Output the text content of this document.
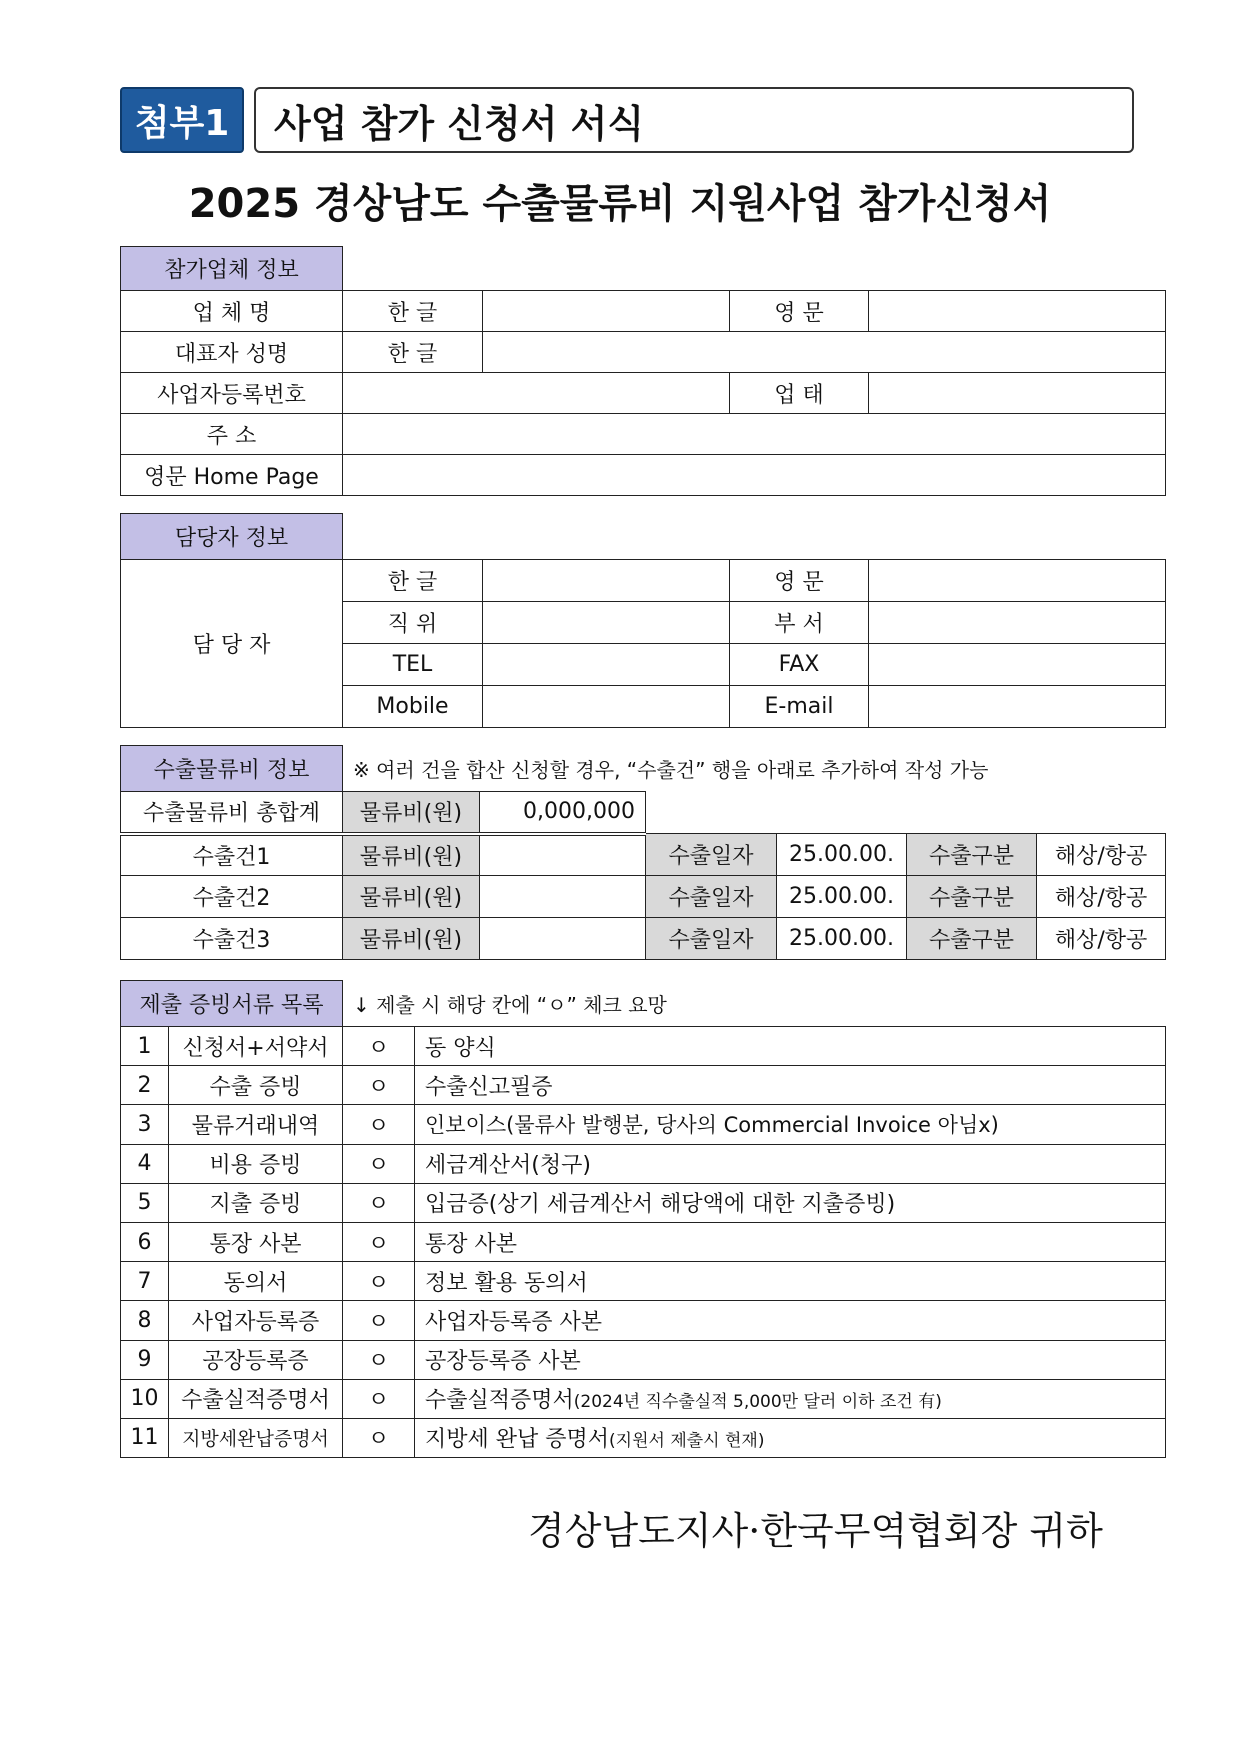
첨부1	사업 참가 신청서 서식
2025 경상남도 수출물류비 지원사업 참가신청서
참가업체 정보				
업 체 명	한 글		영 문	
대표자 성명	한 글			
사업자등록번호			업 태	
주 소				
영문 Home Page				
담당자 정보				
담 당 자	한 글		영 문	
	직 위		부 서	
	TEL		FAX	
	Mobile		E-mail	
수출물류비 정보	※ 여러 건을 합산 신청할 경우, “수출건” 행을 아래로 추가하여 작성 가능					
수출물류비 총합계	물류비(원)	0,000,000				
수출건1	물류비(원)		수출일자	25.00.00.	수출구분	해상/항공
수출건2	물류비(원)		수출일자	25.00.00.	수출구분	해상/항공
수출건3	물류비(원)		수출일자	25.00.00.	수출구분	해상/항공
제출 증빙서류 목록		↓ 제출 시 해당 칸에 “ㅇ” 체크 요망	
1	신청서+서약서	ㅇ	동 양식
2	수출 증빙	ㅇ	수출신고필증
3	물류거래내역	ㅇ	인보이스(물류사 발행분, 당사의 Commercial Invoice 아님x)
4	비용 증빙	ㅇ	세금계산서(청구)
5	지출 증빙	ㅇ	입금증(상기 세금계산서 해당액에 대한 지출증빙)
6	통장 사본	ㅇ	통장 사본
7	동의서	ㅇ	정보 활용 동의서
8	사업자등록증	ㅇ	사업자등록증 사본
9	공장등록증	ㅇ	공장등록증 사본
10	수출실적증명서	ㅇ	수출실적증명서(2024년 직수출실적 5,000만 달러 이하 조건 有)
11	지방세완납증명서	ㅇ	지방세 완납 증명서(지원서 제출시 현재)
경상남도지사·한국무역협회장 귀하
